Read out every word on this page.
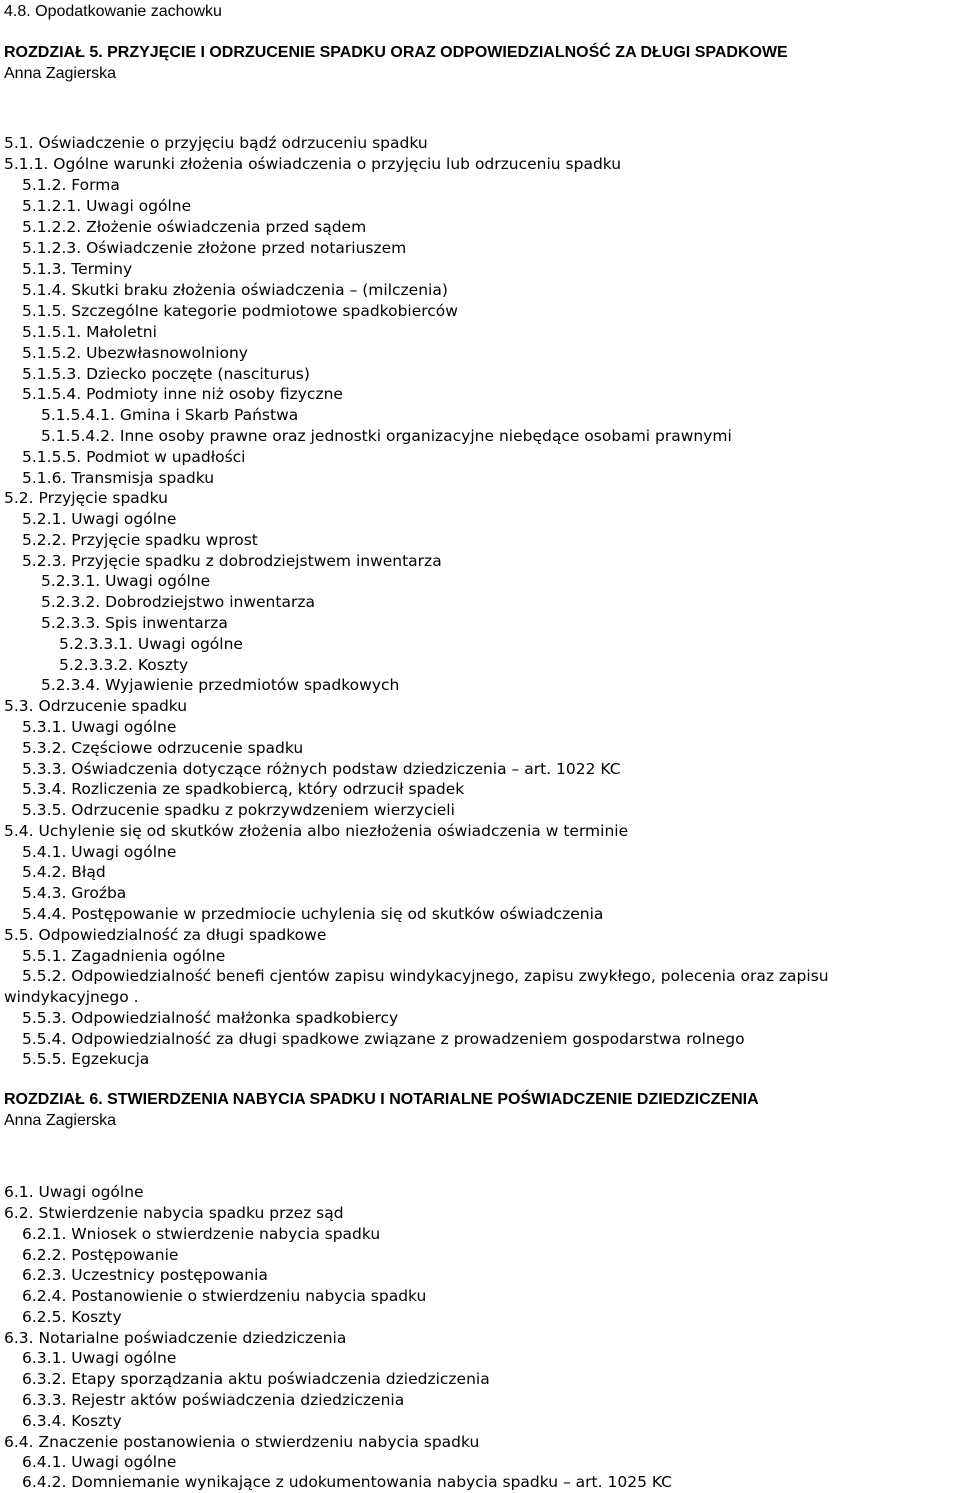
4.8. Opodatkowanie zachowku
ROZDZIAŁ 5. PRZYJĘCIE I ODRZUCENIE SPADKU ORAZ ODPOWIEDZIALNOŚĆ ZA DŁUGI SPADKOWE
Anna Zagierska
5.1. Oświadczenie o przyjęciu bądź odrzuceniu spadku
5.1.1. Ogólne warunki złożenia oświadczenia o przyjęciu lub odrzuceniu spadku
5.1.2. Forma
5.1.2.1. Uwagi ogólne
5.1.2.2. Złożenie oświadczenia przed sądem
5.1.2.3. Oświadczenie złożone przed notariuszem
5.1.3. Terminy
5.1.4. Skutki braku złożenia oświadczenia – (milczenia)
5.1.5. Szczególne kategorie podmiotowe spadkobierców
5.1.5.1. Małoletni
5.1.5.2. Ubezwłasnowolniony
5.1.5.3. Dziecko poczęte (nasciturus)
5.1.5.4. Podmioty inne niż osoby fizyczne
5.1.5.4.1. Gmina i Skarb Państwa
5.1.5.4.2. Inne osoby prawne oraz jednostki organizacyjne niebędące osobami prawnymi
5.1.5.5. Podmiot w upadłości
5.1.6. Transmisja spadku
5.2. Przyjęcie spadku
5.2.1. Uwagi ogólne
5.2.2. Przyjęcie spadku wprost
5.2.3. Przyjęcie spadku z dobrodziejstwem inwentarza
5.2.3.1. Uwagi ogólne
5.2.3.2. Dobrodziejstwo inwentarza
5.2.3.3. Spis inwentarza
5.2.3.3.1. Uwagi ogólne
5.2.3.3.2. Koszty
5.2.3.4. Wyjawienie przedmiotów spadkowych
5.3. Odrzucenie spadku
5.3.1. Uwagi ogólne
5.3.2. Częściowe odrzucenie spadku
5.3.3. Oświadczenia dotyczące różnych podstaw dziedziczenia – art. 1022 KC
5.3.4. Rozliczenia ze spadkobiercą, który odrzucił spadek
5.3.5. Odrzucenie spadku z pokrzywdzeniem wierzycieli
5.4. Uchylenie się od skutków złożenia albo niezłożenia oświadczenia w terminie
5.4.1. Uwagi ogólne
5.4.2. Błąd
5.4.3. Groźba
5.4.4. Postępowanie w przedmiocie uchylenia się od skutków oświadczenia
5.5. Odpowiedzialność za długi spadkowe
5.5.1. Zagadnienia ogólne
5.5.2. Odpowiedzialność benefi cjentów zapisu windykacyjnego, zapisu zwykłego, polecenia oraz zapisu
windykacyjnego .
5.5.3. Odpowiedzialność małżonka spadkobiercy
5.5.4. Odpowiedzialność za długi spadkowe związane z prowadzeniem gospodarstwa rolnego
5.5.5. Egzekucja
ROZDZIAŁ 6. STWIERDZENIA NABYCIA SPADKU I NOTARIALNE POŚWIADCZENIE DZIEDZICZENIA
Anna Zagierska
6.1. Uwagi ogólne
6.2. Stwierdzenie nabycia spadku przez sąd
6.2.1. Wniosek o stwierdzenie nabycia spadku
6.2.2. Postępowanie
6.2.3. Uczestnicy postępowania
6.2.4. Postanowienie o stwierdzeniu nabycia spadku
6.2.5. Koszty
6.3. Notarialne poświadczenie dziedziczenia
6.3.1. Uwagi ogólne
6.3.2. Etapy sporządzania aktu poświadczenia dziedziczenia
6.3.3. Rejestr aktów poświadczenia dziedziczenia
6.3.4. Koszty
6.4. Znaczenie postanowienia o stwierdzeniu nabycia spadku
6.4.1. Uwagi ogólne
6.4.2. Domniemanie wynikające z udokumentowania nabycia spadku – art. 1025 KC
